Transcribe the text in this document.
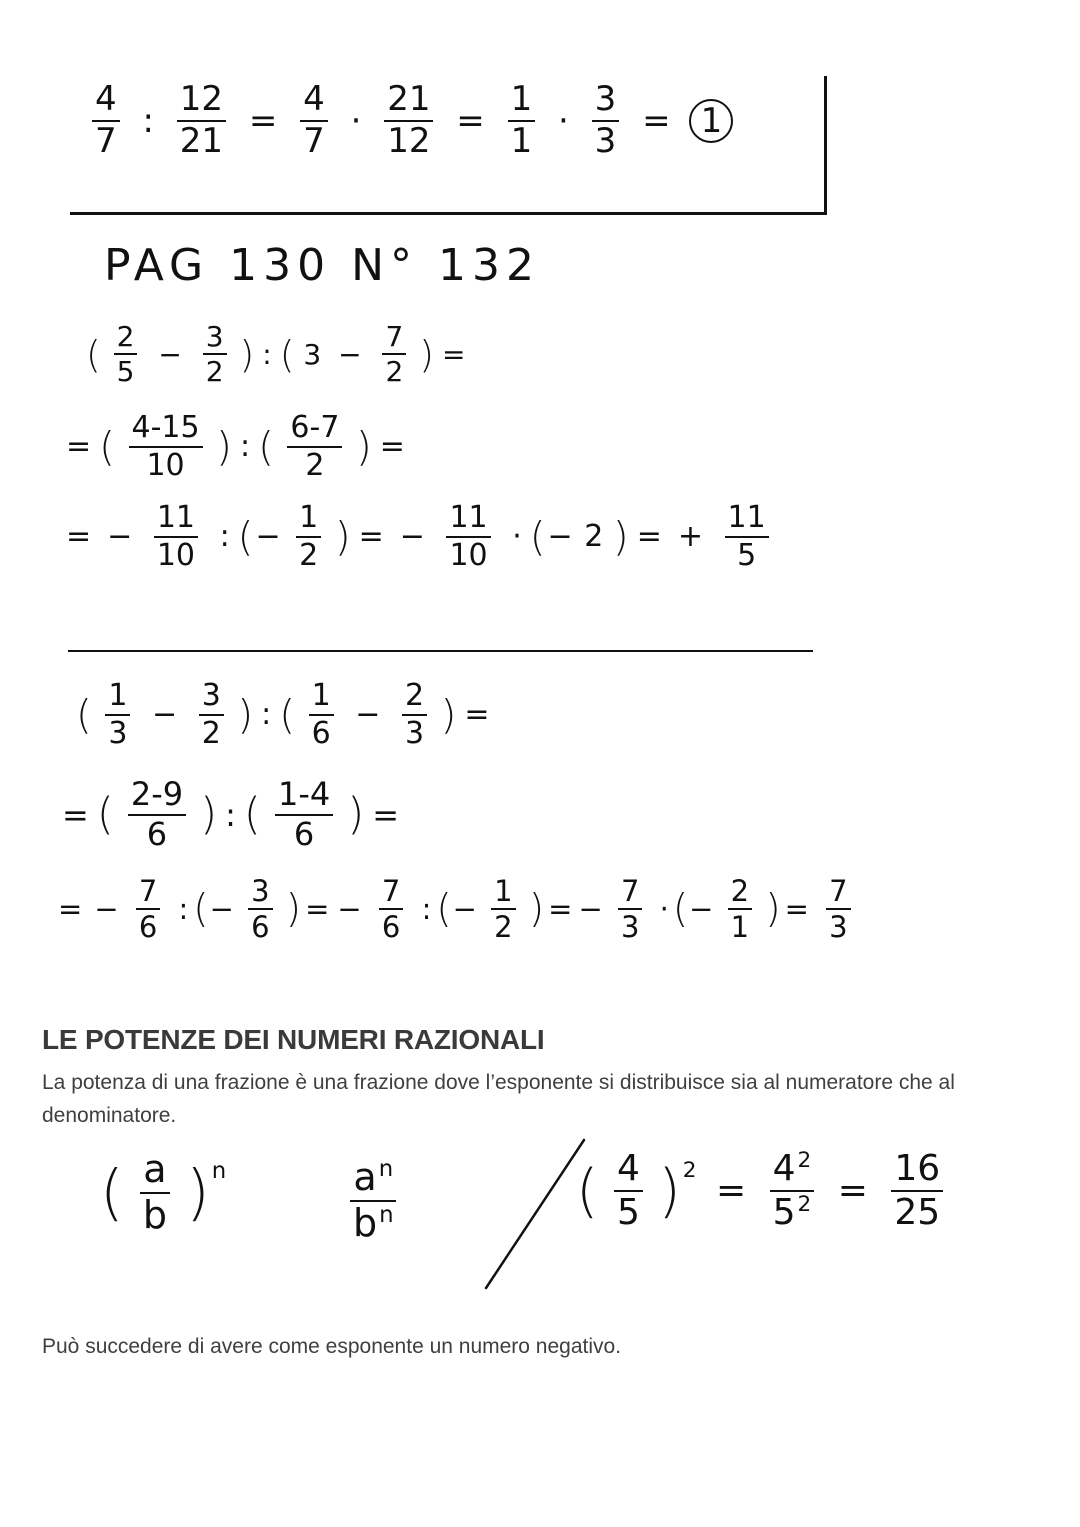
$\frac{4}{7}$ : $\frac{12}{21} = \frac{4}{7} \cdot \frac{21}{12} = \frac{1}{1} \cdot \frac{3}{3} = 1$
PAG 130 N° 132
( $\frac{2}{5} - \frac{3}{2}$ ) : ( $3 - \frac{7}{2}$ ) =
= ( $\frac{4-15}{10}$ ) : ( $\frac{6-7}{2}$ ) =
= − $\frac{11}{10}$ : (− $\frac{1}{2}$ ) = − $\frac{11}{10}$ · (− 2 ) = + $\frac{11}{5}$
( $\frac{1}{3} - \frac{3}{2}$ ) : ( $\frac{1}{6} - \frac{2}{3}$ ) =
= ( $\frac{2-9}{6}$ ) : ( $\frac{1-4}{6}$ ) =
= − $\frac{7}{6}$ : (− $\frac{3}{6}$ ) = − $\frac{7}{6}$ : (− $\frac{1}{2}$ ) = − $\frac{7}{3}$ · (− $\frac{2}{1}$ ) = $\frac{7}{3}$
LE POTENZE DEI NUMERI RAZIONALI

La potenza di una frazione è una frazione dove l’esponente si distribuisce sia al numeratore che al denominatore.

( $\frac{a}{b} )^n$	$\frac{a^n}{b^n}$	( $\frac{4}{5} )^2 = \frac{4^2}{5^2} = \frac{16}{25}$

Può succedere di avere come esponente un numero negativo.
